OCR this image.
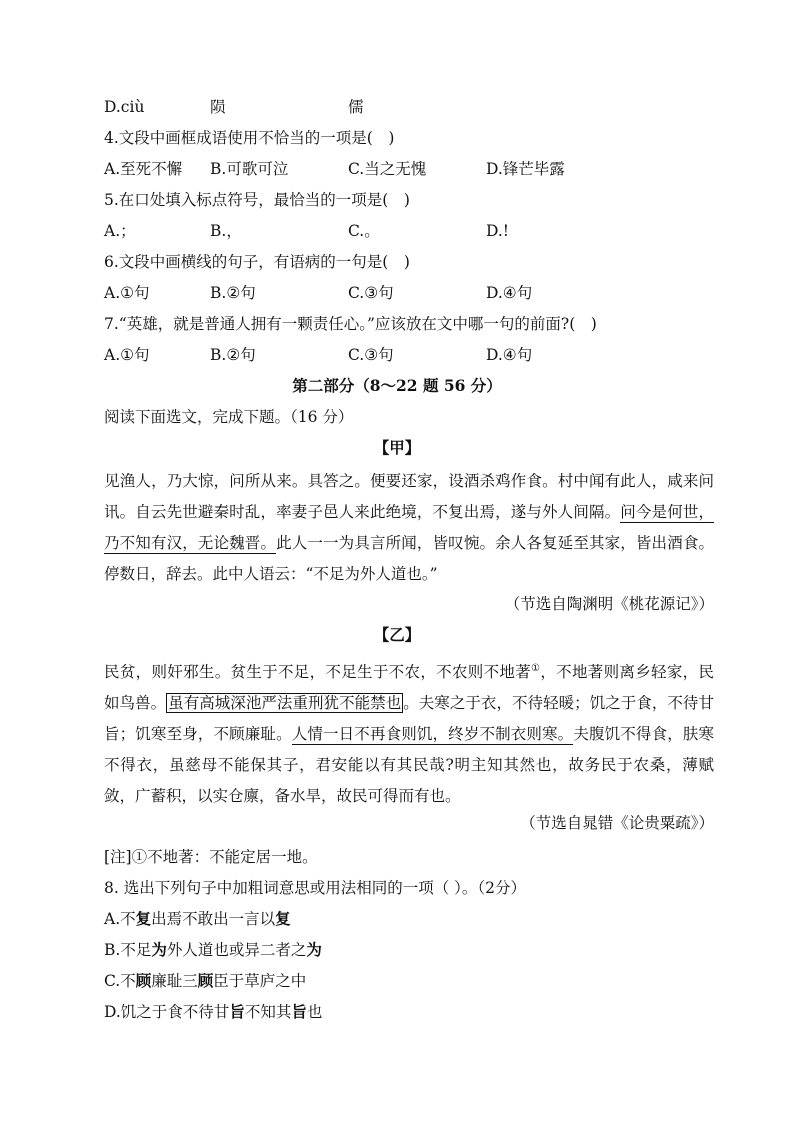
D.ciù	陨	儒
4.文段中画框成语使用不恰当的一项是(　)
A.至死不懈 B.可歌可泣	C.当之无愧	D.锋芒毕露
5.在口处填入标点符号，最恰当的一项是(　)
A.；	B.，	C.。	D.!
6.文段中画横线的句子，有语病的一句是(　)
A.①句	B.②句	C.③句	D.④句
7.“英雄，就是普通人拥有一颗责任心。”应该放在文中哪一句的前面?(　)
A.①句	B.②句	C.③句	D.④句
第二部分（8～22 题 56 分）
阅读下面选文，完成下题。（16 分）
【甲】
见渔人，乃大惊，问所从来。具答之。便要还家，设酒杀鸡作食。村中闻有此人，咸来问讯。自云先世避秦时乱，率妻子邑人来此绝境，不复出焉，遂与外人间隔。问今是何世，乃不知有汉，无论魏晋。此人一一为具言所闻，皆叹惋。余人各复延至其家，皆出酒食。停数日，辞去。此中人语云：“不足为外人道也。”
（节选自陶渊明《桃花源记》）
【乙】
民贫，则奸邪生。贫生于不足，不足生于不农，不农则不地著①，不地著则离乡轻家，民如鸟兽。 虽有高城深池严法重刑犹不能禁也 。夫寒之于衣，不待轻暖；饥之于食，不待甘旨；饥寒至身，不顾廉耻。人情一日不再食则饥，终岁不制衣则寒。夫腹饥不得食，肤寒不得衣，虽慈母不能保其子，君安能以有其民哉?明主知其然也，故务民于农桑，薄赋敛，广蓄积，以实仓廪，备水旱，故民可得而有也。
（节选自晁错《论贵粟疏》）
[注]①不地著：不能定居一地。
8. 选出下列句子中加粗词意思或用法相同的一项（ ）。（2分）
A.不复出焉不敢出一言以复
B.不足为外人道也或异二者之为
C.不顾廉耻三顾臣于草庐之中
D.饥之于食不待甘旨不知其旨也
